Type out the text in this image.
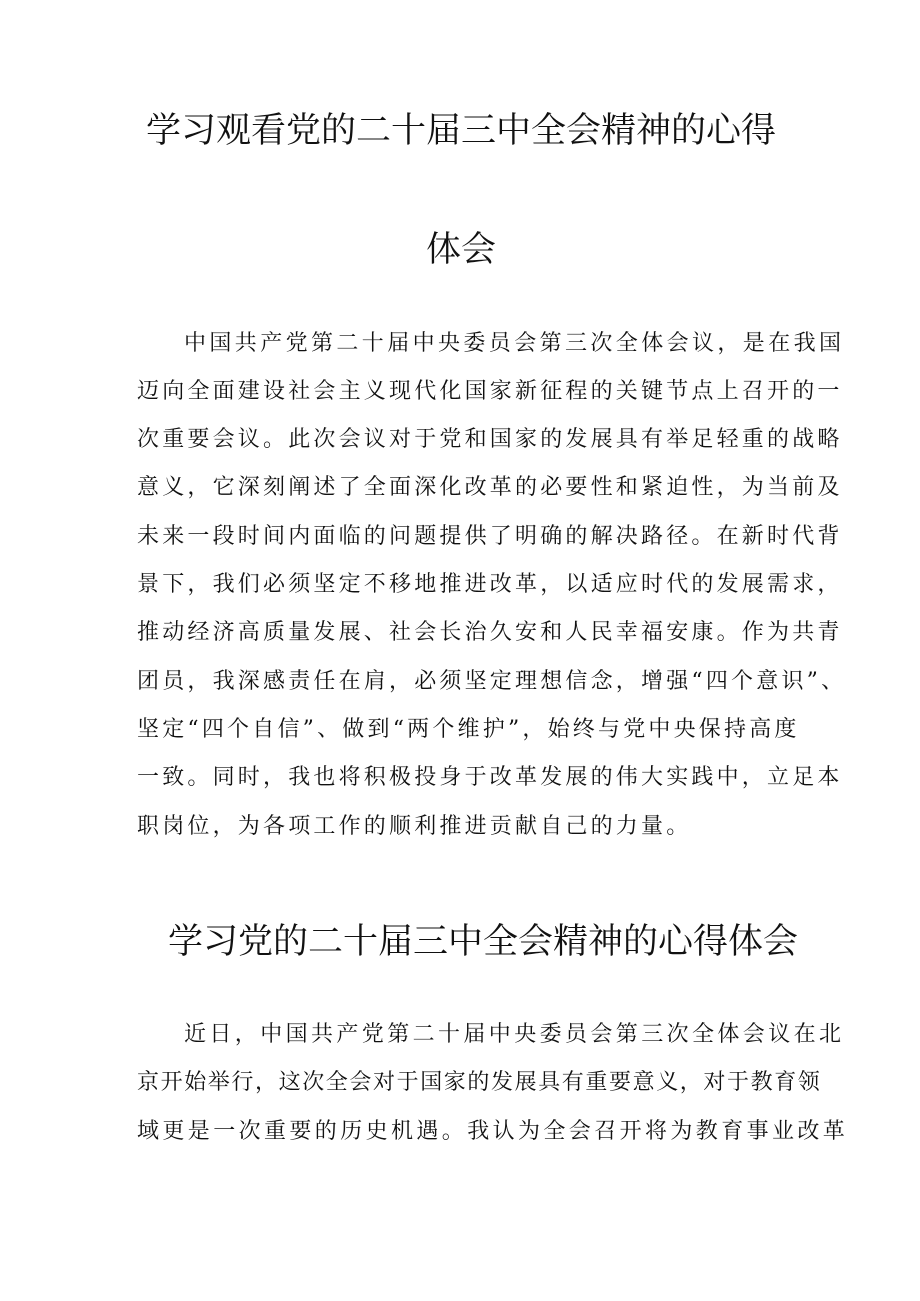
学习观看党的二十届三中全会精神的心得
体会
中国共产党第二十届中央委员会第三次全体会议，是在我国
迈向全面建设社会主义现代化国家新征程的关键节点上召开的一
次重要会议。此次会议对于党和国家的发展具有举足轻重的战略
意义，它深刻阐述了全面深化改革的必要性和紧迫性，为当前及
未来一段时间内面临的问题提供了明确的解决路径。在新时代背
景下，我们必须坚定不移地推进改革，以适应时代的发展需求，
推动经济高质量发展、社会长治久安和人民幸福安康。作为共青
团员，我深感责任在肩，必须坚定理想信念，增强“四个意识”、
坚定“四个自信”、做到“两个维护”，始终与党中央保持高度
一致。同时，我也将积极投身于改革发展的伟大实践中，立足本
职岗位，为各项工作的顺利推进贡献自己的力量。
学习党的二十届三中全会精神的心得体会
近日，中国共产党第二十届中央委员会第三次全体会议在北
京开始举行，这次全会对于国家的发展具有重要意义，对于教育领
域更是一次重要的历史机遇。我认为全会召开将为教育事业改革
